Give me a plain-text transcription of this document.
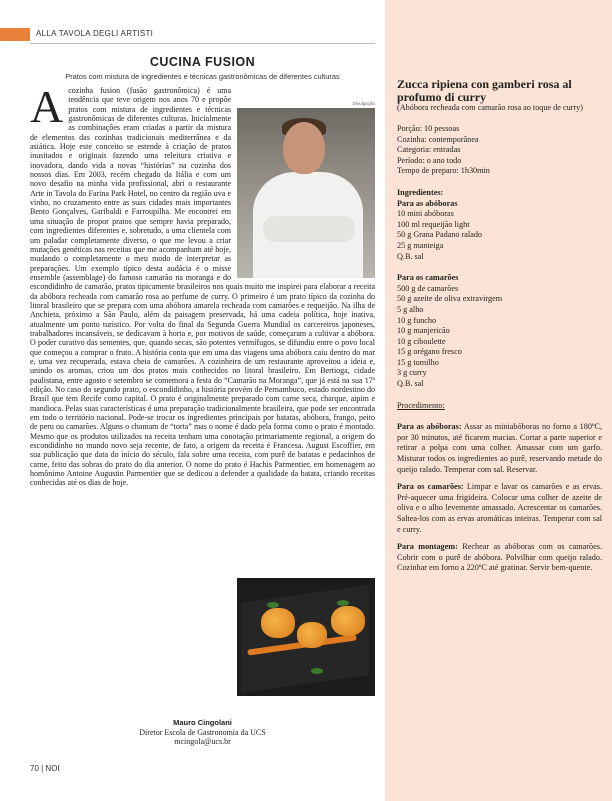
ALLA TAVOLA DEGLI ARTISTI
CUCINA FUSION
Pratos com mistura de ingredientes e técnicas gastronômicas de diferentes culturas
A	Divulgação
cozinha fusion (fusão gastronômica) é uma tendência que teve origem nos anos 70 e propõe pratos com mistura de ingredientes e técnicas gastronômicas de diferentes culturas. Inicialmente as combinações eram criadas a partir da mistura de elementos das cozinhas tradicionais mediterrânea e da asiática. Hoje este conceito se estende à criação de pratos inusitados e originais fazendo uma releitura criativa e inovadora, dando vida a novas “histórias” na cozinha dos nossos dias. Em 2003, recém chegado da Itália e com um novo desafio na minha vida profissional, abri o restaurante Arte in Tavola do Farina Park Hotel, no centro da região uva e vinho, no cruzamento entre as suas cidades mais importantes Bento Gonçalves, Garibaldi e Farroupilha. Me encontrei em uma situação de propor pratos que sempre havia preparado, com ingredientes diferentes e, sobretudo, a uma clientela com um paladar completamente diverso, o que me levou a criar mutações genéticas nas receitas que me acompanham até hoje, mudando o completamente o meu modo de interpretar as preparações. Um exemplo típico desta audácia é o misse ensemble (assemblage) do famoso camarão na moranga e do escondidinho de camarão, pratos tipicamente brasileiros nos quais muito me inspirei para elaborar a receita da abóbora recheada com camarão rosa ao perfume de curry. O primeiro é um prato típico da cozinha do litoral brasileiro que se prepara com uma abóbora amarela recheada com camarões e requeijão. Na ilha de Anchieta, próximo a São Paulo, além da paisagem preservada, há uma cadeia política, hoje inativa, atualmente um ponto turístico. Por volta do final da Segunda Guerra Mundial os carcereiros japoneses, trabalhadores incansáveis, se dedicavam à horta e, por motivos de saúde, começaram a cultivar a abóbora. O poder curativo das sementes, que, quando secas, são potentes vermífugos, se difundiu entre o povo local que começou a comprar o fruto. A história conta que em uma das viagens uma abóbora caiu dentro do mar e, uma vez recuperada, estava cheia de camarões. A cozinheira de um restaurante aproveitou a ideia e, unindo os aromas, criou um dos pratos mais conhecidos no litoral brasileiro. Em Bertioga, cidade paulistana, entre agosto e setembro se comemora a festa do “Camarão na Moranga”, que já está na sua 17ª edição. No caso do segundo prato, o escondidinho, a história provém de Pernambuco, estado nordestino do Brasil que tem Recife como capital. O prato é originalmente preparado com carne seca, charque, aipim e mandioca. Pelas suas características é uma preparação tradicionalmente brasileira, que pode ser encontrada em todo o território nacional. Pode-se trocar os ingredientes principais por batatas, abóbora, frango, peito de peru ou camarões. Alguns o chamam de “torta” mas o nome é dado pela forma como o prato é montado. Mesmo que os produtos utilizados na receita tenham uma conotação primariamente regional, a origem do escondidinho no mundo novo seja recente, de fato, a origem da receita é Francesa. August Escoffier, em sua publicação que data do início do século, fala sobre uma receita, com purê de batatas e pedacinhos de carne, feito das sobras do prato do dia anterior. O nome do prato é Hachis Parmentier, em homenagem ao homônimo Antoine Augustin Parmentier que se dedicou a defender a qualidade da batata, criando receitas conhecidas até os dias de hoje.
Mauro Cingolani
Diretor Escola de Gastronomia da UCS
mcingola@ucs.br
70 | NOI

Zucca ripiena con gamberi rosa al profumo di curry

(Abóbora recheada com camarão rosa ao toque de curry)

Porção: 10 pessoas

Cozinha: contemporânea

Categoria: entradas

Período: o ano todo

Tempo de preparo: 1h30min

Ingredientes:

Para as abóboras

10 mini abóboras

100 ml requeijão light

50 g Grana Padano ralado

25 g manteiga

Q.B. sal

Para os camarões

500 g de camarões

50 g azeite de oliva extravirgem

5 g alho

10 g funcho

10 g manjericão

10 g ciboulette

15 g orégano fresco

15 g tomilho

3 g curry

Q.B. sal

Procedimento:

Para as abóboras: Assar as miniabóboras no forno a 180ºC, por 30 minutos, até ficarem macias. Cortar a parte superior e retirar a polpa com uma colher. Amassar com um garfo. Misturar todos os ingredientes ao purê, reservando metade do queijo ralado. Temperar com sal. Reservar.

Para os camarões: Limpar e lavar os camarões e as ervas. Pré-aquecer uma frigideira. Colocar uma colher de azeite de oliva e o alho levemente amassado. Acrescentar os camarões. Saltea-los com as ervas aromáticas inteiras. Temperar com sal e curry.

Para montagem: Rechear as abóboras com os camarões. Cobrir com o purê de abóbora. Polvilhar com queijo ralado. Cozinhar em forno a 220ºC até gratinar. Servir bem-quente.
